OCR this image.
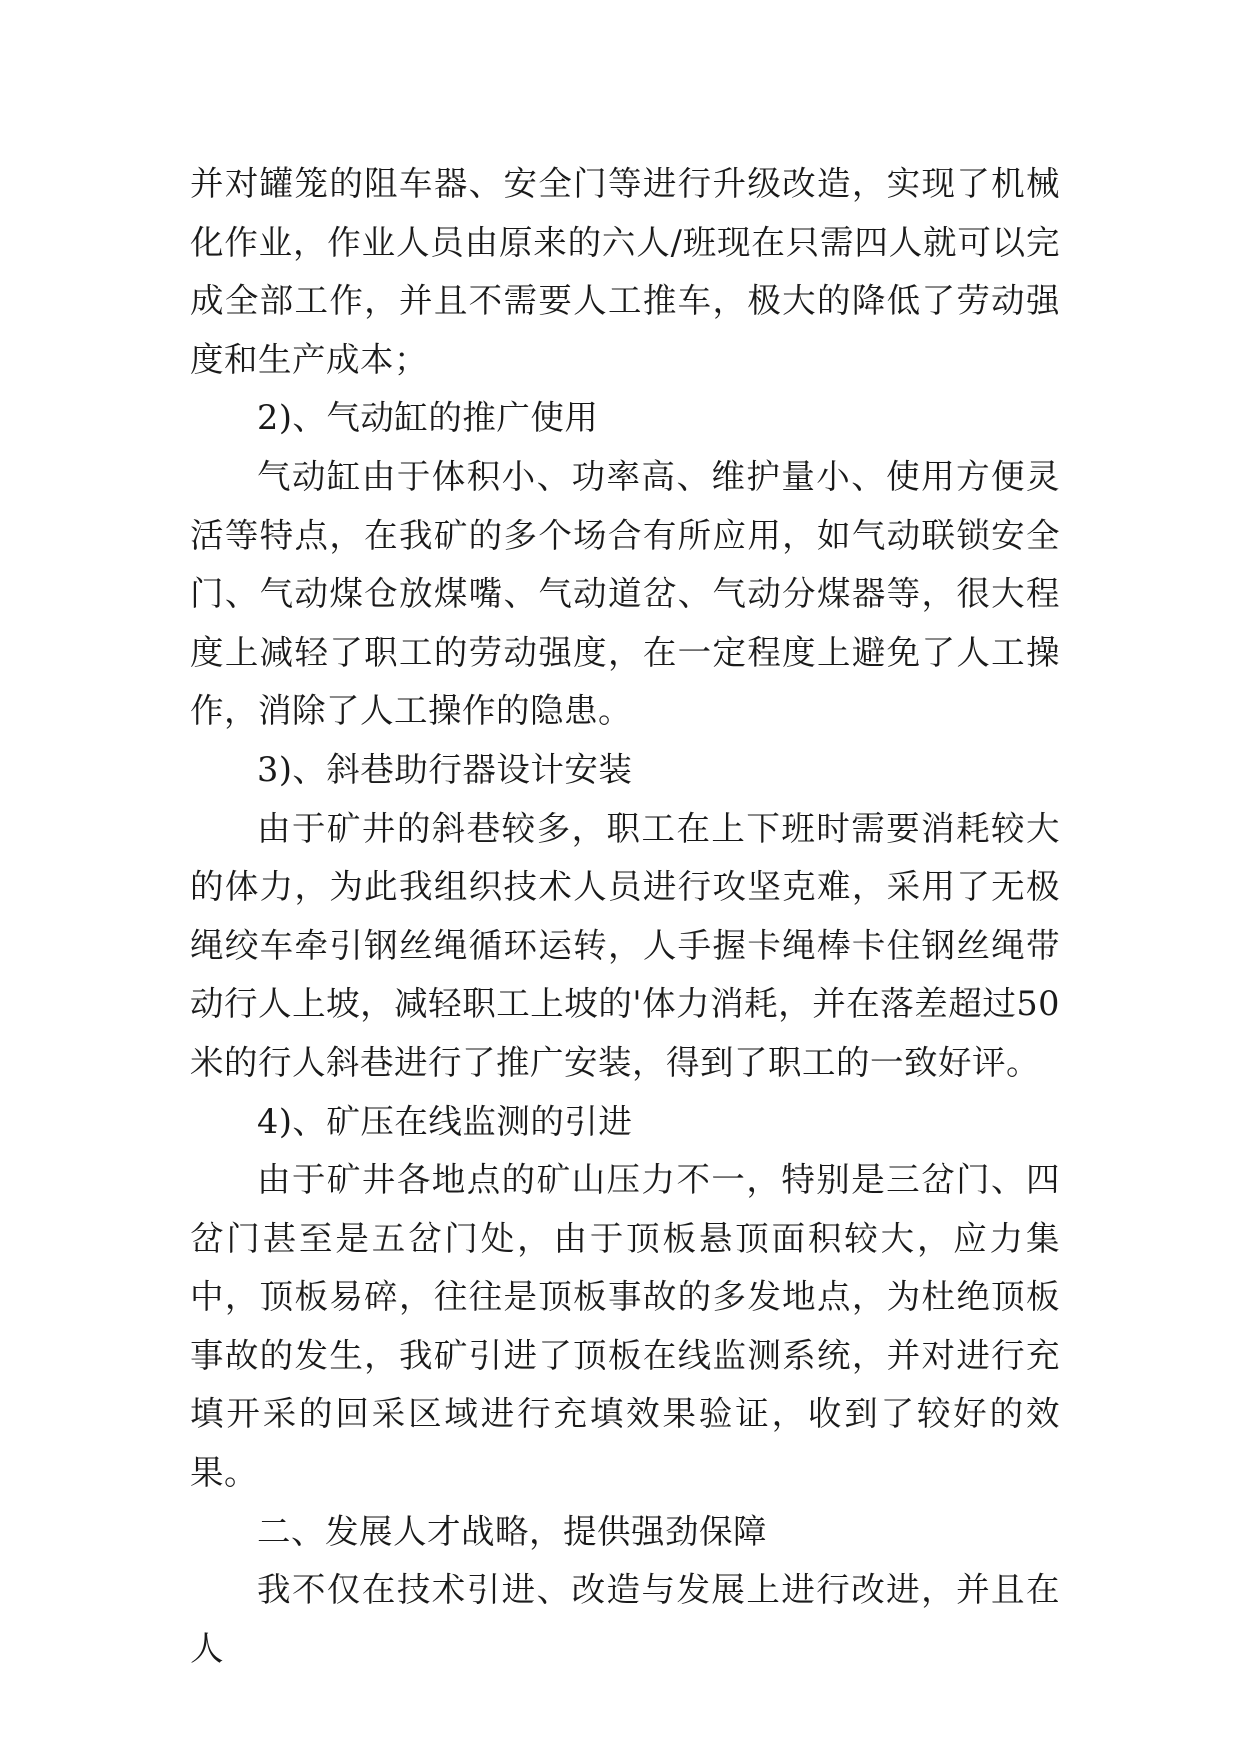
并对罐笼的阻车器、安全门等进行升级改造，实现了机械化作业，作业人员由原来的六人/班现在只需四人就可以完成全部工作，并且不需要人工推车，极大的降低了劳动强度和生产成本；

2)、气动缸的推广使用

气动缸由于体积小、功率高、维护量小、使用方便灵活等特点，在我矿的多个场合有所应用，如气动联锁安全门、气动煤仓放煤嘴、气动道岔、气动分煤器等，很大程度上减轻了职工的劳动强度，在一定程度上避免了人工操作，消除了人工操作的隐患。

3)、斜巷助行器设计安装

由于矿井的斜巷较多，职工在上下班时需要消耗较大的体力，为此我组织技术人员进行攻坚克难，采用了无极绳绞车牵引钢丝绳循环运转，人手握卡绳棒卡住钢丝绳带动行人上坡，减轻职工上坡的'体力消耗，并在落差超过50米的行人斜巷进行了推广安装，得到了职工的一致好评。

4)、矿压在线监测的引进

由于矿井各地点的矿山压力不一，特别是三岔门、四岔门甚至是五岔门处，由于顶板悬顶面积较大，应力集中，顶板易碎，往往是顶板事故的多发地点，为杜绝顶板事故的发生，我矿引进了顶板在线监测系统，并对进行充填开采的回采区域进行充填效果验证，收到了较好的效果。

二、发展人才战略，提供强劲保障

我不仅在技术引进、改造与发展上进行改进，并且在人
